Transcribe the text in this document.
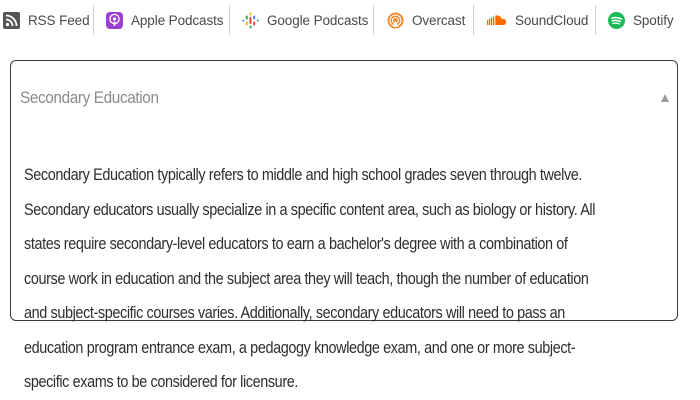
RSS Feed	Apple Podcasts	Google Podcasts	Overcast	SoundCloud	Spotify
Secondary Education
Secondary Education typically refers to middle and high school grades seven through twelve. Secondary educators usually specialize in a specific content area, such as biology or history. All states require secondary-level educators to earn a bachelor's degree with a combination of course work in education and the subject area they will teach, though the number of education and subject-specific courses varies. Additionally, secondary educators will need to pass an education program entrance exam, a pedagogy knowledge exam, and one or more subject-specific exams to be considered for licensure.
